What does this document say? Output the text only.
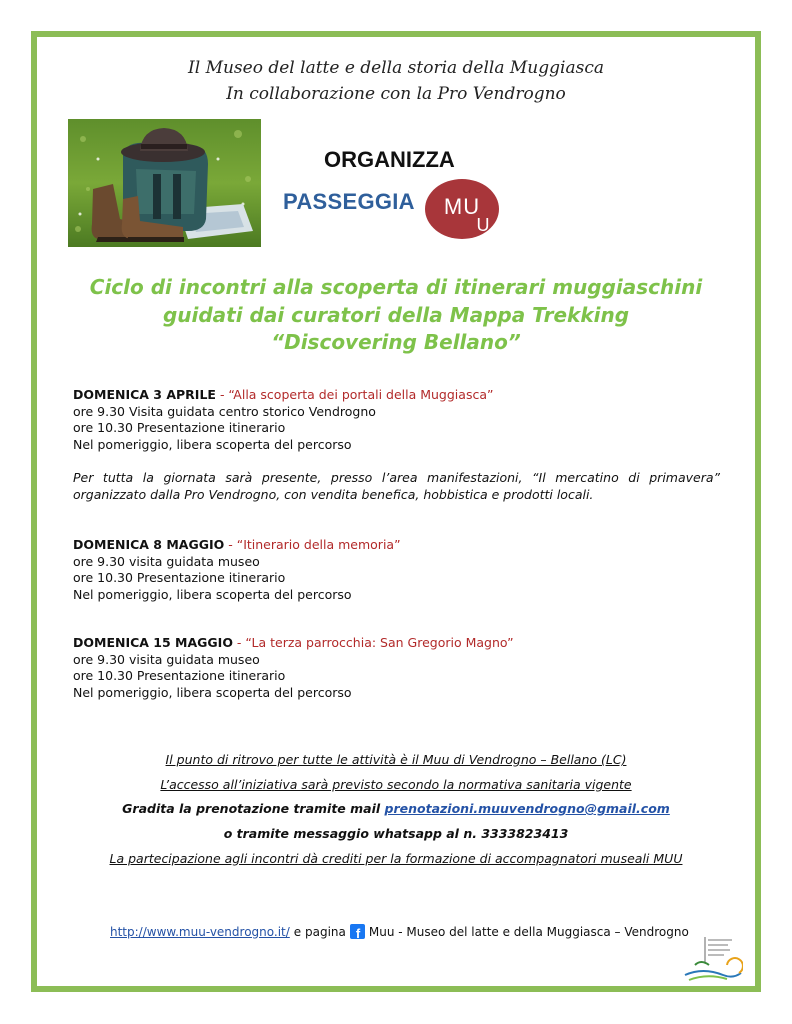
Il Museo del latte e della storia della Muggiasca
In collaborazione con la Pro Vendrogno
ORGANIZZA
PASSEGGIA MU
U
Ciclo di incontri alla scoperta di itinerari muggiaschini
guidati dai curatori della Mappa Trekking
“Discovering Bellano”
DOMENICA 3 APRILE - “Alla scoperta dei portali della Muggiasca”
ore 9.30 Visita guidata centro storico Vendrogno
ore 10.30 Presentazione itinerario
Nel pomeriggio, libera scoperta del percorso
Per tutta la giornata sarà presente, presso l’area manifestazioni, “Il mercatino di primavera” organizzato dalla Pro Vendrogno, con vendita benefica, hobbistica e prodotti locali.
DOMENICA 8 MAGGIO - “Itinerario della memoria”
ore 9.30 visita guidata museo
ore 10.30 Presentazione itinerario
Nel pomeriggio, libera scoperta del percorso
DOMENICA 15 MAGGIO - “La terza parrocchia: San Gregorio Magno”
ore 9.30 visita guidata museo
ore 10.30 Presentazione itinerario
Nel pomeriggio, libera scoperta del percorso
Il punto di ritrovo per tutte le attività è il Muu di Vendrogno – Bellano (LC)
L’accesso all’iniziativa sarà previsto secondo la normativa sanitaria vigente
Gradita la prenotazione tramite mail prenotazioni.muuvendrogno@gmail.com
o tramite messaggio whatsapp al n. 3333823413
La partecipazione agli incontri dà crediti per la formazione di accompagnatori museali MUU
http://www.muu-vendrogno.it/ e pagina f Muu - Museo del latte e della Muggiasca – Vendrogno
